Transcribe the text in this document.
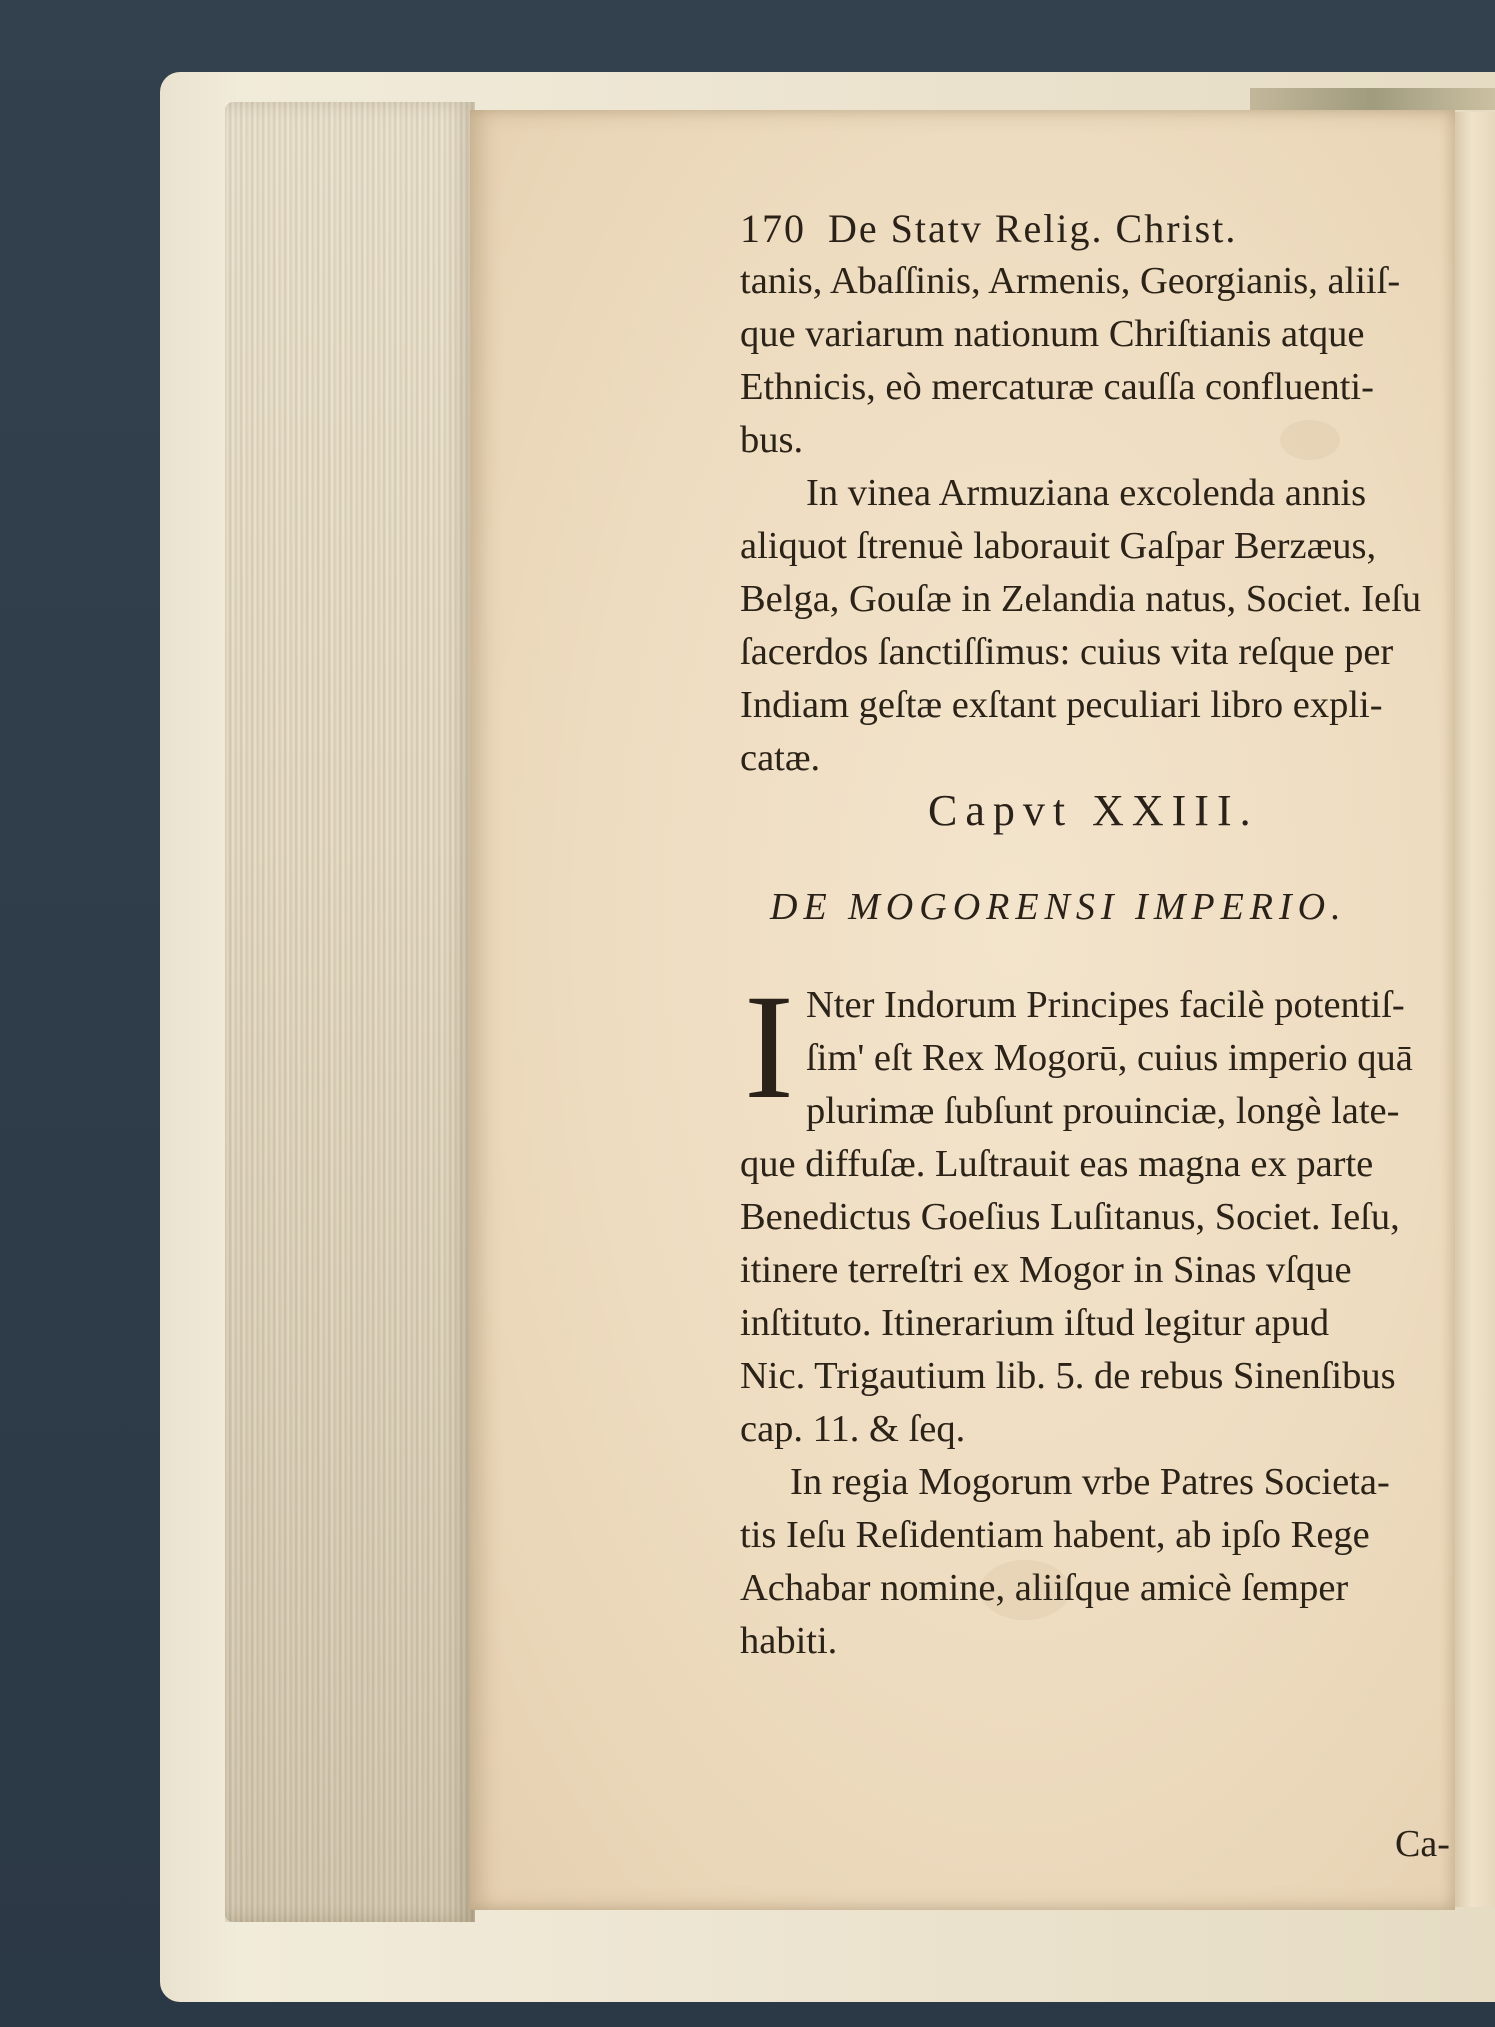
170 De Statv Relig. Christ.
tanis, Abaſſinis, Armenis, Georgianis, aliiſ-
que variarum nationum Chriſtianis atque
Ethnicis, eò mercaturæ cauſſa confluenti-
bus.
In vinea Armuziana excolenda annis
aliquot ſtrenuè laborauit Gaſpar Berzæus,
Belga, Gouſæ in Zelandia natus, Societ. Ieſu
ſacerdos ſanctiſſimus: cuius vita reſque per
Indiam geſtæ exſtant peculiari libro expli-
catæ.
Capvt XXIII.
DE MOGORENSI IMPERIO.
I Nter Indorum Principes facilè potentiſ-
ſim' eſt Rex Mogorū, cuius imperio quā
plurimæ ſubſunt prouinciæ, longè late-
que diffuſæ. Luſtrauit eas magna ex parte
Benedictus Goeſius Luſitanus, Societ. Ieſu,
itinere terreſtri ex Mogor in Sinas vſque
inſtituto. Itinerarium iſtud legitur apud
Nic. Trigautium lib. 5. de rebus Sinenſibus
cap. 11. & ſeq.
In regia Mogorum vrbe Patres Societa-
tis Ieſu Reſidentiam habent, ab ipſo Rege
Achabar nomine, aliiſque amicè ſemper
habiti.
Ca-
